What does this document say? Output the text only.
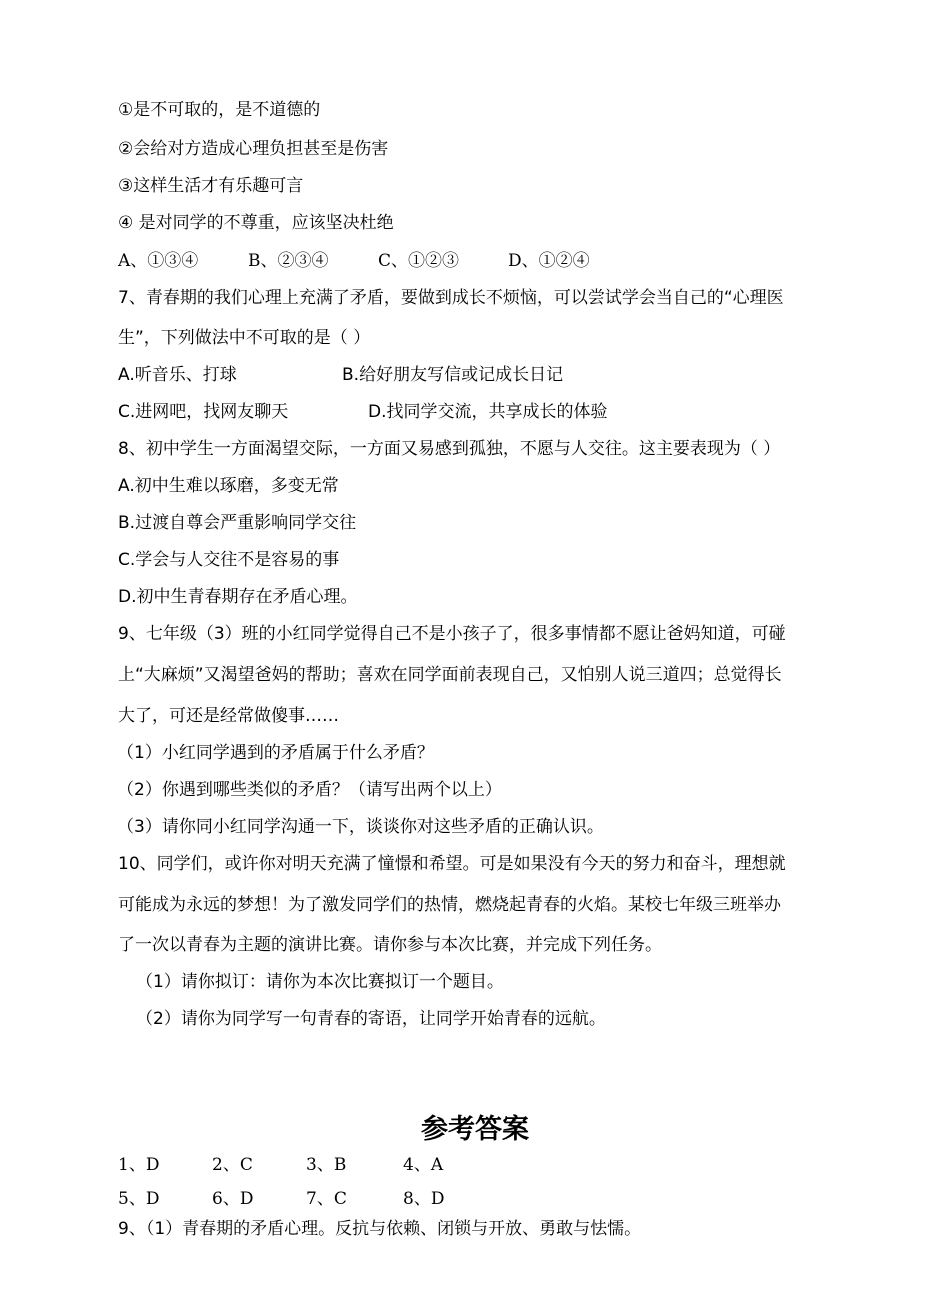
①是不可取的，是不道德的
②会给对方造成心理负担甚至是伤害
③这样生活才有乐趣可言
④ 是对同学的不尊重，应该坚决杜绝
A、①③④	B、②③④	C、①②③	D、①②④
7、青春期的我们心理上充满了矛盾，要做到成长不烦恼，可以尝试学会当自己的“心理医
生”，下列做法中不可取的是（ ）
A.听音乐、打球	B.给好朋友写信或记成长日记
C.进网吧，找网友聊天	D.找同学交流，共享成长的体验
8、初中学生一方面渴望交际，一方面又易感到孤独，不愿与人交往。这主要表现为（ ）
A.初中生难以琢磨，多变无常
B.过渡自尊会严重影响同学交往
C.学会与人交往不是容易的事
D.初中生青春期存在矛盾心理。
9、七年级（3）班的小红同学觉得自己不是小孩子了，很多事情都不愿让爸妈知道，可碰
上“大麻烦”又渴望爸妈的帮助；喜欢在同学面前表现自己，又怕别人说三道四；总觉得长
大了，可还是经常做傻事……
（1）小红同学遇到的矛盾属于什么矛盾？
（2）你遇到哪些类似的矛盾？（请写出两个以上）
（3）请你同小红同学沟通一下，谈谈你对这些矛盾的正确认识。
10、同学们，或许你对明天充满了憧憬和希望。可是如果没有今天的努力和奋斗，理想就
可能成为永远的梦想！为了激发同学们的热情，燃烧起青春的火焰。某校七年级三班举办
了一次以青春为主题的演讲比赛。请你参与本次比赛，并完成下列任务。
（1）请你拟订：请你为本次比赛拟订一个题目。
（2）请你为同学写一句青春的寄语，让同学开始青春的远航。
参考答案
1、D	2、C	3、B	4、A
5、D	6、D	7、C	8、D
9、（1）青春期的矛盾心理。反抗与依赖、闭锁与开放、勇敢与怯懦。
